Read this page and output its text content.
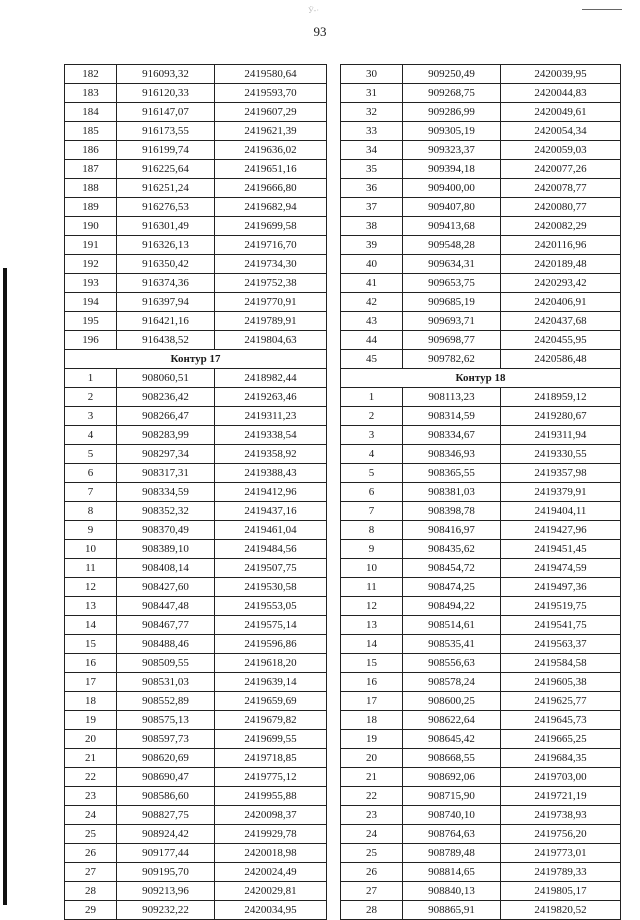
Ӱ-·
93
182	916093,32	2419580,64
183	916120,33	2419593,70
184	916147,07	2419607,29
185	916173,55	2419621,39
186	916199,74	2419636,02
187	916225,64	2419651,16
188	916251,24	2419666,80
189	916276,53	2419682,94
190	916301,49	2419699,58
191	916326,13	2419716,70
192	916350,42	2419734,30
193	916374,36	2419752,38
194	916397,94	2419770,91
195	916421,16	2419789,91
196	916438,52	2419804,63
Контур 17		
1	908060,51	2418982,44
2	908236,42	2419263,46
3	908266,47	2419311,23
4	908283,99	2419338,54
5	908297,34	2419358,92
6	908317,31	2419388,43
7	908334,59	2419412,96
8	908352,32	2419437,16
9	908370,49	2419461,04
10	908389,10	2419484,56
11	908408,14	2419507,75
12	908427,60	2419530,58
13	908447,48	2419553,05
14	908467,77	2419575,14
15	908488,46	2419596,86
16	908509,55	2419618,20
17	908531,03	2419639,14
18	908552,89	2419659,69
19	908575,13	2419679,82
20	908597,73	2419699,55
21	908620,69	2419718,85
22	908690,47	2419775,12
23	908586,60	2419955,88
24	908827,75	2420098,37
25	908924,42	2419929,78
26	909177,44	2420018,98
27	909195,70	2420024,49
28	909213,96	2420029,81
29	909232,22	2420034,95
30	909250,49	2420039,95
31	909268,75	2420044,83
32	909286,99	2420049,61
33	909305,19	2420054,34
34	909323,37	2420059,03
35	909394,18	2420077,26
36	909400,00	2420078,77
37	909407,80	2420080,77
38	909413,68	2420082,29
39	909548,28	2420116,96
40	909634,31	2420189,48
41	909653,75	2420293,42
42	909685,19	2420406,91
43	909693,71	2420437,68
44	909698,77	2420455,95
45	909782,62	2420586,48
Контур 18		
1	908113,23	2418959,12
2	908314,59	2419280,67
3	908334,67	2419311,94
4	908346,93	2419330,55
5	908365,55	2419357,98
6	908381,03	2419379,91
7	908398,78	2419404,11
8	908416,97	2419427,96
9	908435,62	2419451,45
10	908454,72	2419474,59
11	908474,25	2419497,36
12	908494,22	2419519,75
13	908514,61	2419541,75
14	908535,41	2419563,37
15	908556,63	2419584,58
16	908578,24	2419605,38
17	908600,25	2419625,77
18	908622,64	2419645,73
19	908645,42	2419665,25
20	908668,55	2419684,35
21	908692,06	2419703,00
22	908715,90	2419721,19
23	908740,10	2419738,93
24	908764,63	2419756,20
25	908789,48	2419773,01
26	908814,65	2419789,33
27	908840,13	2419805,17
28	908865,91	2419820,52
